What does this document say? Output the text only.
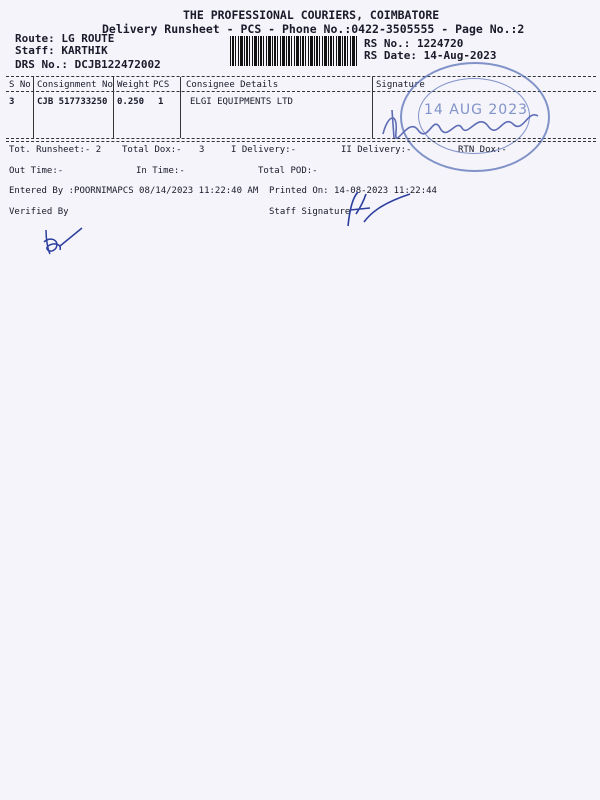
THE PROFESSIONAL COURIERS, COIMBATORE
Delivery Runsheet - PCS - Phone No.:0422-3505555 - Page No.:2
Route: LG ROUTE
Staff: KARTHIK
DRS No.: DCJB122472002
RS No.: 1224720
RS Date: 14-Aug-2023
S No Consignment No Weight PCS Consignee Details	Signature
3	CJB 517733250 0.250 1	ELGI EQUIPMENTS LTD	14 AUG 2023
Tot. Runsheet:- 2 Total Dox:- 3	I Delivery:-	II Delivery:-	RTN Dox:-
Out Time:-	In Time:-	Total POD:-
Entered By :POORNIMAPCS 08/14/2023 11:22:40 AM Printed On: 14-08-2023 11:22:44
Verified By	Staff Signature
